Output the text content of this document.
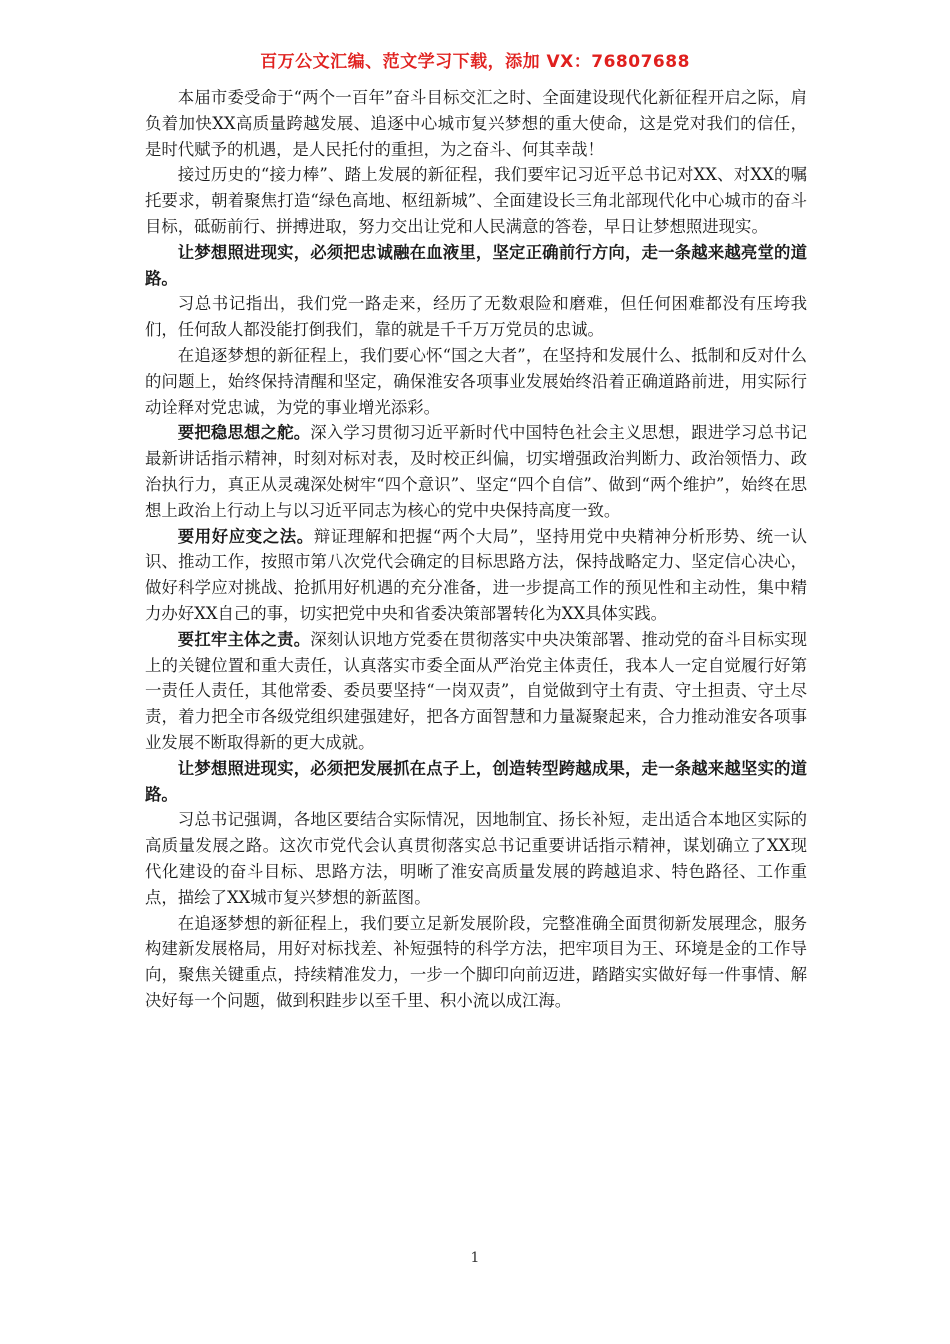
百万公文汇编、范文学习下载，添加 VX：76807688

本届市委受命于“两个一百年”奋斗目标交汇之时、全面建设现代化新征程开启之际，肩负着加快XX高质量跨越发展、追逐中心城市复兴梦想的重大使命，这是党对我们的信任，是时代赋予的机遇，是人民托付的重担，为之奋斗、何其幸哉！

接过历史的“接力棒”、踏上发展的新征程，我们要牢记习近平总书记对XX、对XX的嘱托要求，朝着聚焦打造“绿色高地、枢纽新城”、全面建设长三角北部现代化中心城市的奋斗目标，砥砺前行、拼搏进取，努力交出让党和人民满意的答卷，早日让梦想照进现实。

让梦想照进现实，必须把忠诚融在血液里，坚定正确前行方向，走一条越来越亮堂的道路。

习总书记指出，我们党一路走来，经历了无数艰险和磨难，但任何困难都没有压垮我们，任何敌人都没能打倒我们，靠的就是千千万万党员的忠诚。

在追逐梦想的新征程上，我们要心怀“国之大者”，在坚持和发展什么、抵制和反对什么的问题上，始终保持清醒和坚定，确保淮安各项事业发展始终沿着正确道路前进，用实际行动诠释对党忠诚，为党的事业增光添彩。

要把稳思想之舵。深入学习贯彻习近平新时代中国特色社会主义思想，跟进学习总书记最新讲话指示精神，时刻对标对表，及时校正纠偏，切实增强政治判断力、政治领悟力、政治执行力，真正从灵魂深处树牢“四个意识”、坚定“四个自信”、做到“两个维护”，始终在思想上政治上行动上与以习近平同志为核心的党中央保持高度一致。

要用好应变之法。辩证理解和把握“两个大局”，坚持用党中央精神分析形势、统一认识、推动工作，按照市第八次党代会确定的目标思路方法，保持战略定力、坚定信心决心，做好科学应对挑战、抢抓用好机遇的充分准备，进一步提高工作的预见性和主动性，集中精力办好XX自己的事，切实把党中央和省委决策部署转化为XX具体实践。

要扛牢主体之责。深刻认识地方党委在贯彻落实中央决策部署、推动党的奋斗目标实现上的关键位置和重大责任，认真落实市委全面从严治党主体责任，我本人一定自觉履行好第一责任人责任，其他常委、委员要坚持“一岗双责”，自觉做到守土有责、守土担责、守土尽责，着力把全市各级党组织建强建好，把各方面智慧和力量凝聚起来，合力推动淮安各项事业发展不断取得新的更大成就。

让梦想照进现实，必须把发展抓在点子上，创造转型跨越成果，走一条越来越坚实的道路。

习总书记强调，各地区要结合实际情况，因地制宜、扬长补短，走出适合本地区实际的高质量发展之路。这次市党代会认真贯彻落实总书记重要讲话指示精神，谋划确立了XX现代化建设的奋斗目标、思路方法，明晰了淮安高质量发展的跨越追求、特色路径、工作重点，描绘了XX城市复兴梦想的新蓝图。

在追逐梦想的新征程上，我们要立足新发展阶段，完整准确全面贯彻新发展理念，服务构建新发展格局，用好对标找差、补短强特的科学方法，把牢项目为王、环境是金的工作导向，聚焦关键重点，持续精准发力，一步一个脚印向前迈进，踏踏实实做好每一件事情、解决好每一个问题，做到积跬步以至千里、积小流以成江海。

1
